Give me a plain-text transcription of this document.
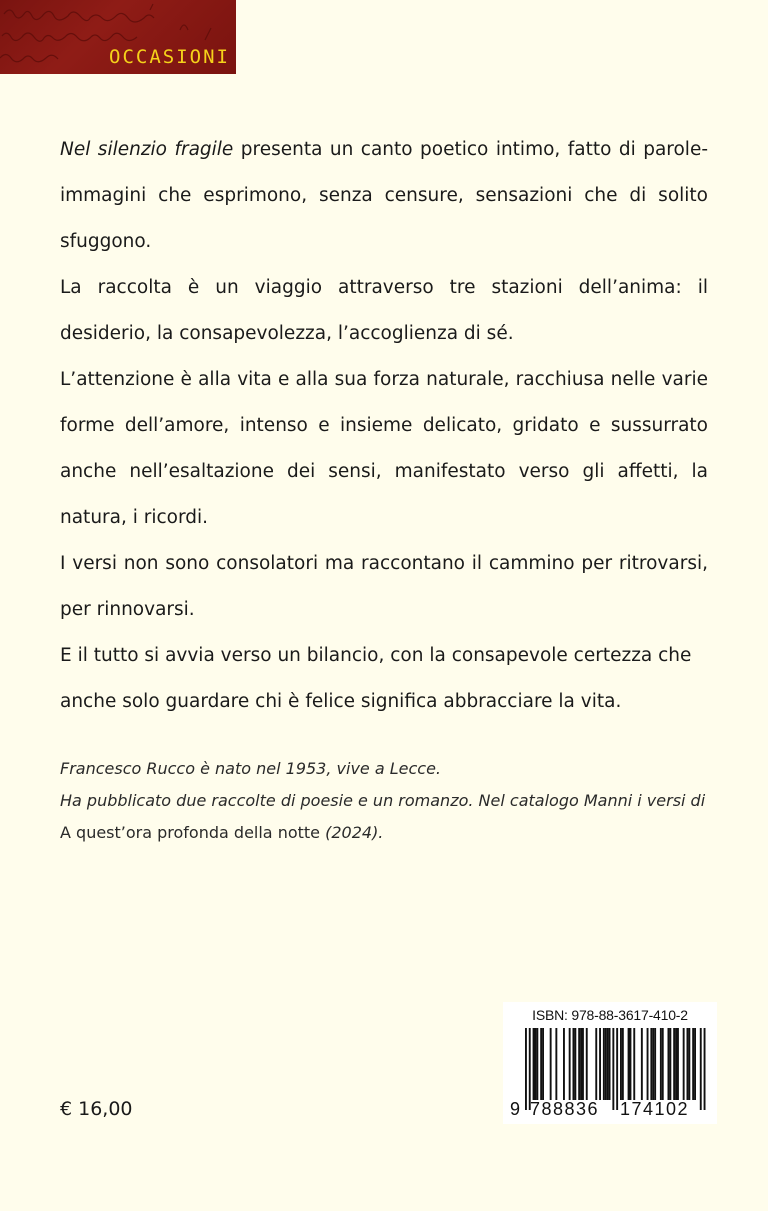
OCCASIONI

Nel silenzio fragile presenta un canto poetico intimo, fatto di parole-immagini che esprimono, senza censure, sensazioni che di solito sfuggono.

La raccolta è un viaggio attraverso tre stazioni dell’anima: il desiderio, la consapevolezza, l’accoglienza di sé.

L’attenzione è alla vita e alla sua forza naturale, racchiusa nelle varie forme dell’amore, intenso e insieme delicato, gridato e sussurrato anche nell’esaltazione dei sensi, manifestato verso gli affetti, la natura, i ricordi.

I versi non sono consolatori ma raccontano il cammino per ritrovarsi, per rinnovarsi.

E il tutto si avvia verso un bilancio, con la consapevole certezza che anche solo guardare chi è felice significa abbracciare la vita.

Francesco Rucco è nato nel 1953, vive a Lecce.

Ha pubblicato due raccolte di poesie e un romanzo. Nel catalogo Manni i versi di A quest’ora profonda della notte (2024).

€ 16,00
ISBN: 978-88-3617-410-2
9 788836 174102
